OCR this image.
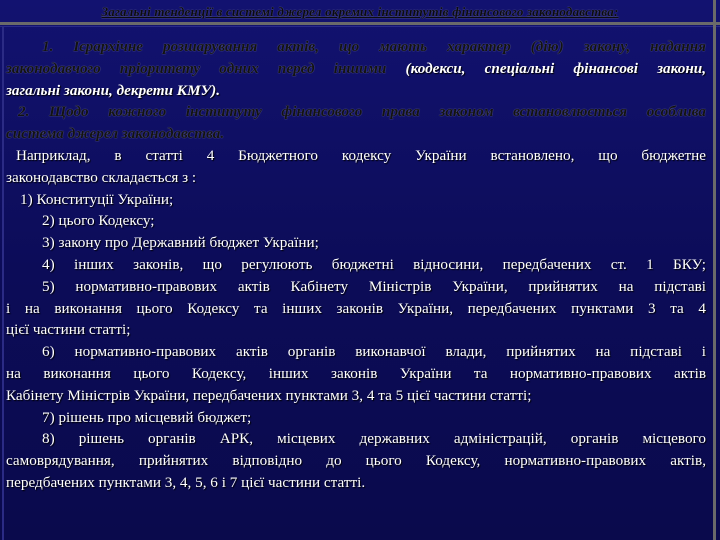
Загальні тенденції в системі джерел окремих інститутів фінансового законодавства:

1. Ієрархічне розшарування актів, що мають характер (дію) закону, надання

законодавчого пріоритету одних перед іншими (кодекси, спеціальні фінансові закони,

загальні закони, декрети КМУ).

2. Щодо кожного інституту фінансового права законом встановлюється особлива

система джерел законодавства.

Наприклад, в статті 4 Бюджетного кодексу України встановлено, що бюджетне

законодавство складається з :

1) Конституції України;

2) цього Кодексу;

3) закону про Державний бюджет України;

4) інших законів, що регулюють бюджетні відносини, передбачених ст. 1 БКУ;

5) нормативно-правових актів Кабінету Міністрів України, прийнятих на підставі

і на виконання цього Кодексу та інших законів України, передбачених пунктами 3 та 4

цієї частини статті;

6) нормативно-правових актів органів виконавчої влади, прийнятих на підставі і

на виконання цього Кодексу, інших законів України та нормативно-правових актів

Кабінету Міністрів України, передбачених пунктами 3, 4 та 5 цієї частини статті;

7) рішень про місцевий бюджет;

8) рішень органів АРК, місцевих державних адміністрацій, органів місцевого

самоврядування, прийнятих відповідно до цього Кодексу, нормативно-правових актів,

передбачених пунктами 3, 4, 5, 6 і 7 цієї частини статті.
